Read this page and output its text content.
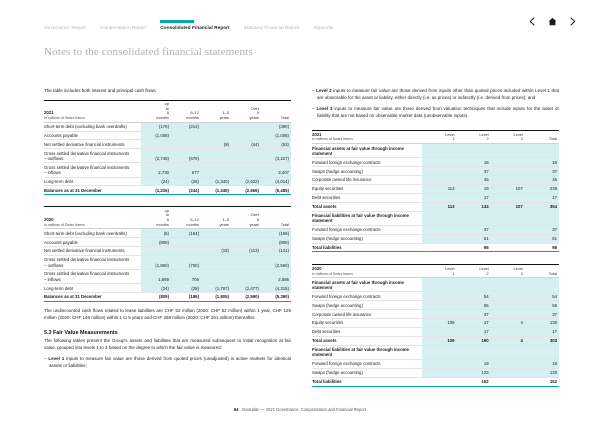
Governance Report	Compensation Report	Consolidated Financial Report	Statutory Financial Report	Appendix
Notes to the consolidated financial statements

The table includes both interest and principal cash flows:

2021
in millions of Swiss francs	up
to
6
months	6–12
months	1–5
years	Over
5
years	Total
Short-term debt (excluding bank overdrafts)	(176)	(214)			(390)
Accounts payable	(1,008)				(1,008)
Net settled derivative financial instruments			(9)	(44)	(53)
Gross settled derivative financial instruments
– outflows	(2,748)	(679)			(3,427)
Gross settled derivative financial instruments
– inflows	2,730	677			3,407
Long-term debt	(24)	(28)	(1,340)	(2,622)	(4,014)
Balances as at 31 December	(1,226)	(244)	(1,349)	(2,666)	(5,485)
2020
in millions of Swiss francs	up
to
6
months	6–12
months	1–5
years	Over
5
years	Total
Short-term debt (excluding bank overdrafts)	(5)	(164)			(169)
Accounts payable	(809)				(809)
Net settled derivative financial instruments			(18)	(113)	(131)
Gross settled derivative financial instruments
– outflows	(1,860)	(700)			(2,560)
Gross settled derivative financial instruments
– inflows	1,889	706			2,595
Long-term debt	(24)	(28)	(1,787)	(2,477)	(4,316)
Balances as at 31 December	(809)	(186)	(1,805)	(2,590)	(5,390)

The undiscounted cash flows related to lease liabilities are CHF 52 million (2020: CHF 52 million) within 1 year, CHF 129 million (2020: CHF 146 million) within 1 to 5 years and CHF 268 million (2020: CHF 261 million) thereafter.

5.3 Fair Value Measurements

The following tables present the Group's assets and liabilities that are measured subsequent to initial recognition at fair value, grouped into levels 1 to 3 based on the degree to which the fair value is measured:

– Level 1 inputs to measure fair value are those derived from quoted prices (unadjusted) in active markets for identical assets or liabilities;
– Level 2 inputs to measure fair value are those derived from inputs other than quoted prices included within Level 1 that are observable for the asset or liability, either directly (i.e. as prices) or indirectly (i.e. derived from prices); and
– Level 3 inputs to measure fair value are those derived from valuation techniques that include inputs for the asset or liability that are not based on observable market data (unobservable inputs).
2021
in millions of Swiss francs	Level
1	Level
2	Level
3	Total
Financial assets at fair value through income statement				
Forward foreign exchange contracts		16		16
Swaps (hedge accounting)		37		37
Corporate owned life insurance		45		45
Equity securities	113	19	107	239
Debt securities		17		17
Total assets	113	134	107	354
Financial liabilities at fair value through income statement				
Forward foreign exchange contracts		37		37
Swaps (hedge accounting)		61		61
Total liabilities		98		98
2020
in millions of Swiss francs	Level
1	Level
2	Level
3	Total
Financial assets at fair value through income statement				
Forward foreign exchange contracts		54		54
Swaps (hedge accounting)		65		65
Corporate owned life insurance		37		37
Equity securities	109	17	4	130
Debt securities		17		17
Total assets	109	190	4	303
Financial liabilities at fair value through income statement				
Forward foreign exchange contracts		19		19
Swaps (hedge accounting)		133		133
Total liabilities		152		152
64 Givaudan — 2021 Governance, Compensation and Financial Report
